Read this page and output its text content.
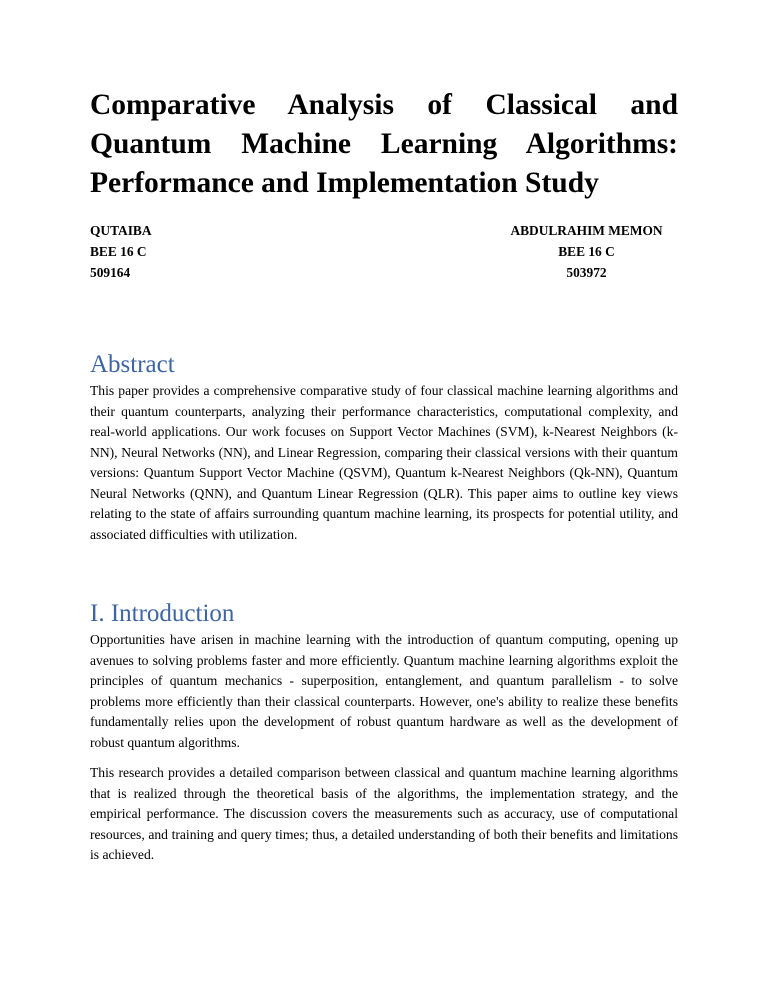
Comparative Analysis of Classical and Quantum Machine Learning Algorithms: Performance and Implementation Study
QUTAIBA
BEE 16 C
509164
ABDULRAHIM MEMON
BEE 16 C
503972
Abstract

This paper provides a comprehensive comparative study of four classical machine learning algorithms and their quantum counterparts, analyzing their performance characteristics, computational complexity, and real-world applications. Our work focuses on Support Vector Machines (SVM), k-Nearest Neighbors (k-NN), Neural Networks (NN), and Linear Regression, comparing their classical versions with their quantum versions: Quantum Support Vector Machine (QSVM), Quantum k-Nearest Neighbors (Qk-NN), Quantum Neural Networks (QNN), and Quantum Linear Regression (QLR). This paper aims to outline key views relating to the state of affairs surrounding quantum machine learning, its prospects for potential utility, and associated difficulties with utilization.

I. Introduction

Opportunities have arisen in machine learning with the introduction of quantum computing, opening up avenues to solving problems faster and more efficiently. Quantum machine learning algorithms exploit the principles of quantum mechanics - superposition, entanglement, and quantum parallelism - to solve problems more efficiently than their classical counterparts. However, one's ability to realize these benefits fundamentally relies upon the development of robust quantum hardware as well as the development of robust quantum algorithms.

This research provides a detailed comparison between classical and quantum machine learning algorithms that is realized through the theoretical basis of the algorithms, the implementation strategy, and the empirical performance. The discussion covers the measurements such as accuracy, use of computational resources, and training and query times; thus, a detailed understanding of both their benefits and limitations is achieved.
